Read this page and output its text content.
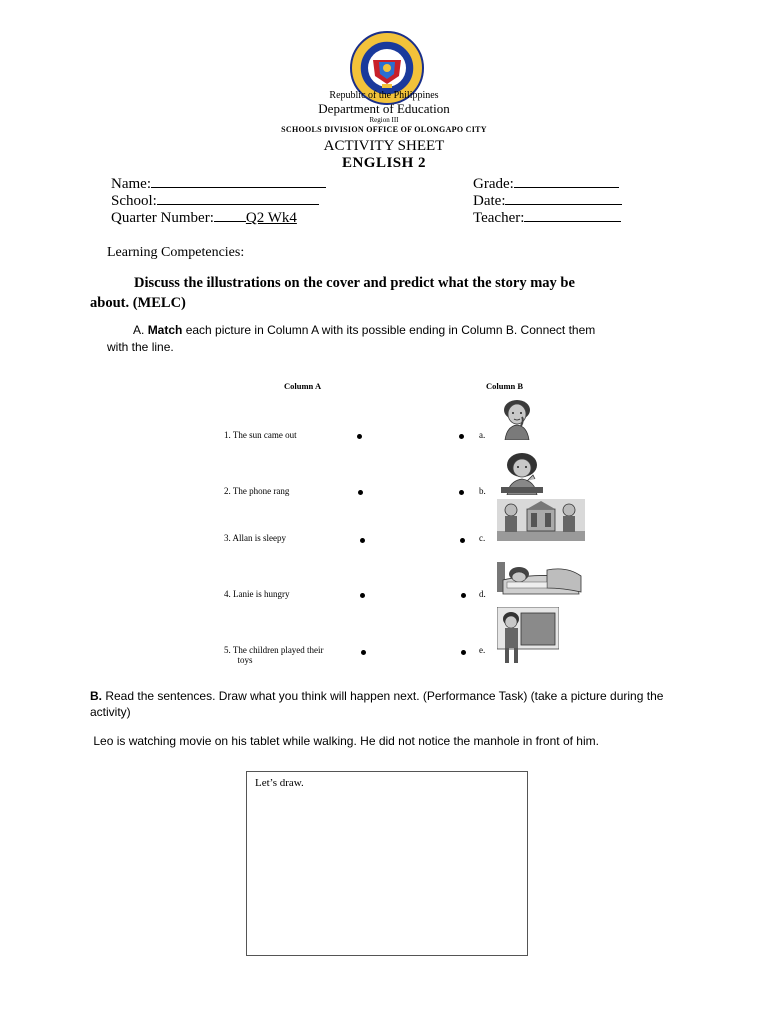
Republic of the Philippines
Department of Education
Region III
SCHOOLS DIVISION OFFICE OF OLONGAPO CITY
ACTIVITY SHEET
ENGLISH 2
Name:
School:
Quarter Number: Q2 Wk4
Grade:
Date:
Teacher:
Learning Competencies:
Discuss the illustrations on the cover and predict what the story may be
about. (MELC)
A. Match each picture in Column A with its possible ending in Column B. Connect them
with the line.
Column A	Column B
1. The sun came out
2. The phone rang
3. Allan is sleepy
4. Lanie is hungry
5. The children played their
toys
a.
b.
c.
d.
e.
B. Read the sentences. Draw what you think will happen next. (Performance Task) (take a picture during the activity)
Leo is watching movie on his tablet while walking. He did not notice the manhole in front of him.
Let’s draw.
